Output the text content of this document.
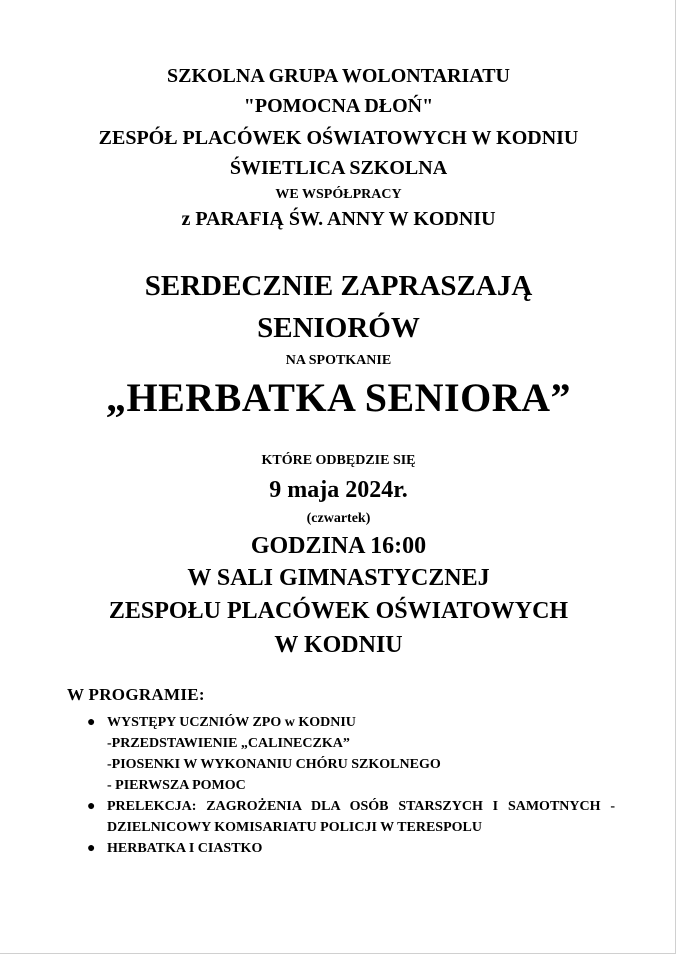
SZKOLNA GRUPA WOLONTARIATU
"POMOCNA DŁOŃ"
ZESPÓŁ PLACÓWEK OŚWIATOWYCH W KODNIU
ŚWIETLICA SZKOLNA
WE WSPÓŁPRACY
z PARAFIĄ ŚW. ANNY W KODNIU
SERDECZNIE ZAPRASZAJĄ
SENIORÓW
NA SPOTKANIE
„HERBATKA SENIORA”
KTÓRE ODBĘDZIE SIĘ
9 maja 2024r.
(czwartek)
GODZINA 16:00
W SALI GIMNASTYCZNEJ
ZESPOŁU PLACÓWEK OŚWIATOWYCH
W KODNIU
W PROGRAMIE:
● WYSTĘPY UCZNIÓW ZPO w KODNIU
-PRZEDSTAWIENIE „CALINECZKA”
-PIOSENKI W WYKONANIU CHÓRU SZKOLNEGO
- PIERWSZA POMOC
● PRELEKCJA: ZAGROŻENIA DLA OSÓB STARSZYCH I SAMOTNYCH - DZIELNICOWY KOMISARIATU POLICJI W TERESPOLU
● HERBATKA I CIASTKO
